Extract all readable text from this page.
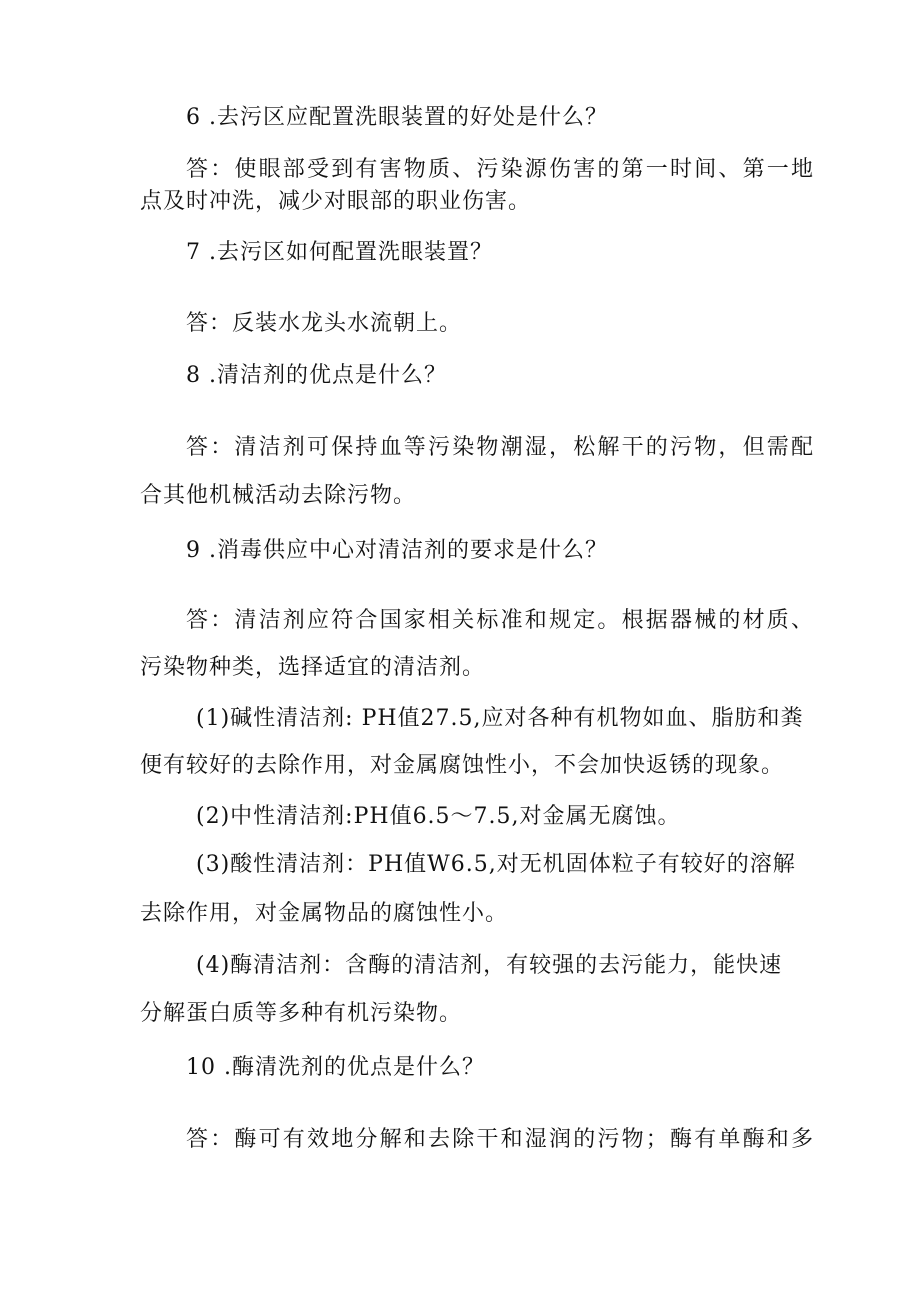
6 .去污区应配置洗眼装置的好处是什么？
答：使眼部受到有害物质、污染源伤害的第一时间、第一地
点及时冲洗，减少对眼部的职业伤害。
7 .去污区如何配置洗眼装置？
答：反装水龙头水流朝上。
8 .清洁剂的优点是什么？
答：清洁剂可保持血等污染物潮湿，松解干的污物，但需配
合其他机械活动去除污物。
9 .消毒供应中心对清洁剂的要求是什么？
答：清洁剂应符合国家相关标准和规定。根据器械的材质、
污染物种类，选择适宜的清洁剂。
(1)碱性清洁剂: PH值27.5,应对各种有机物如血、脂肪和粪
便有较好的去除作用，对金属腐蚀性小，不会加快返锈的现象。
(2)中性清洁剂:PH值6.5～7.5,对金属无腐蚀。
(3)酸性清洁剂：PH值W6.5,对无机固体粒子有较好的溶解
去除作用，对金属物品的腐蚀性小。
(4)酶清洁剂：含酶的清洁剂，有较强的去污能力，能快速
分解蛋白质等多种有机污染物。
10 .酶清洗剂的优点是什么？
答：酶可有效地分解和去除干和湿润的污物；酶有单酶和多
